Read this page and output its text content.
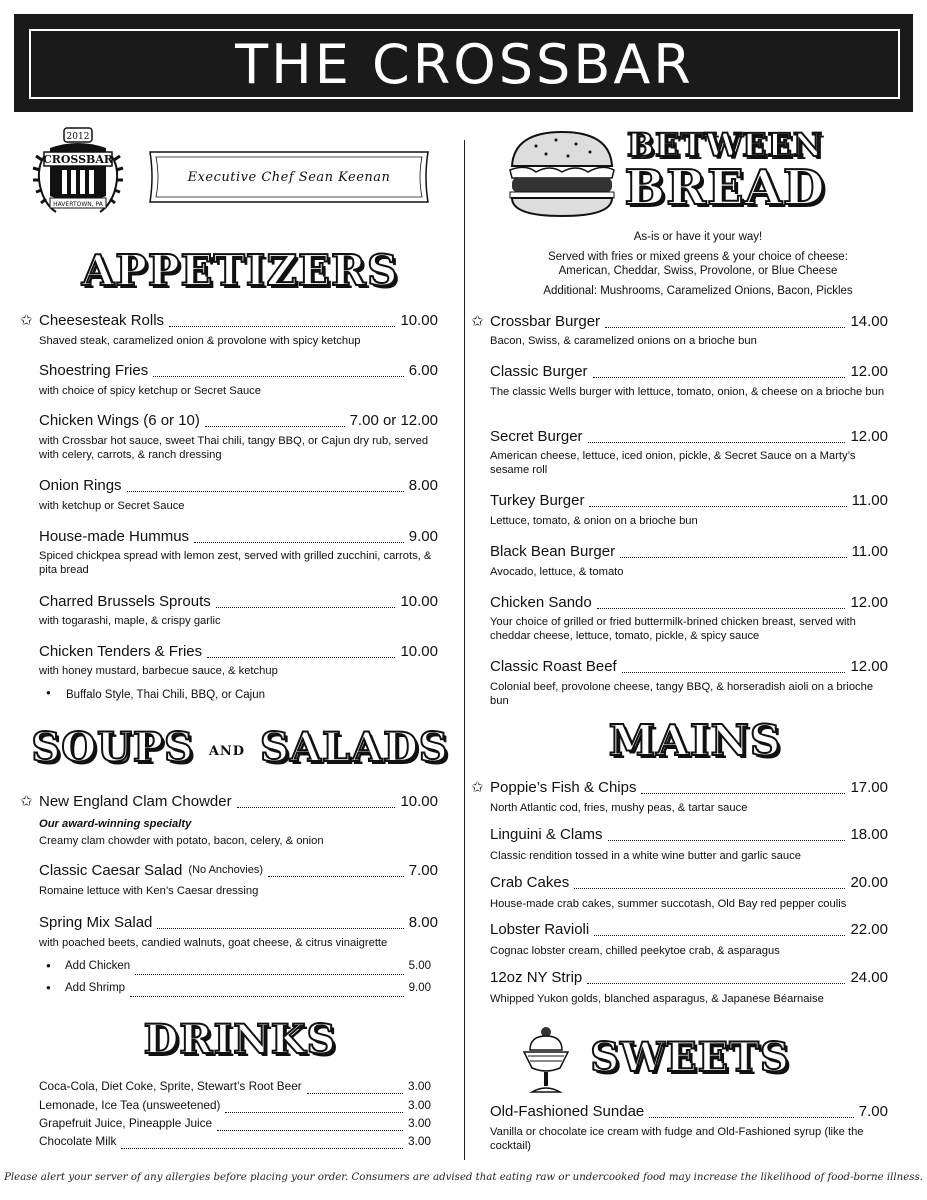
THE CROSSBAR
2012
CROSSBAR
HAVERTOWN, PA
Executive Chef Sean Keenan
APPETIZERS
Cheesesteak Rolls	10.00
Shaved steak, caramelized onion & provolone with spicy ketchup
Shoestring Fries	6.00
with choice of spicy ketchup or Secret Sauce
Chicken Wings (6 or 10)	7.00 or 12.00
with Crossbar hot sauce, sweet Thai chili, tangy BBQ, or Cajun dry rub, served with celery, carrots, & ranch dressing
Onion Rings	8.00
with ketchup or Secret Sauce
House-made Hummus	9.00
Spiced chickpea spread with lemon zest, served with grilled zucchini, carrots, & pita bread
Charred Brussels Sprouts	10.00
with togarashi, maple, & crispy garlic
Chicken Tenders & Fries	10.00
with honey mustard, barbecue sauce, & ketchup
✩
● Buffalo Style, Thai Chili, BBQ, or Cajun
New England Clam Chowder	10.00
Classic Caesar Salad (No Anchovies)	7.00
Spring Mix Salad	8.00
✩
Our award-winning specialty
Creamy clam chowder with potato, bacon, celery, & onion
Romaine lettuce with Ken’s Caesar dressing
with poached beets, candied walnuts, goat cheese, & citrus vinaigrette
● Add Chicken	5.00
● Add Shrimp	9.00
Coca-Cola, Diet Coke, Sprite, Stewart’s Root Beer	3.00
Lemonade, Ice Tea (unsweetened)	3.00
Grapefruit Juice, Pineapple Juice	3.00
Chocolate Milk	3.00
SOUPS AND SALADS
DRINKS
BETWEEN
BREAD
As-is or have it your way!
Served with fries or mixed greens & your choice of cheese:
American, Cheddar, Swiss, Provolone, or Blue Cheese
Additional: Mushrooms, Caramelized Onions, Bacon, Pickles
Crossbar Burger	14.00
Bacon, Swiss, & caramelized onions on a brioche bun
Classic Burger	12.00
The classic Wells burger with lettuce, tomato, onion, & cheese on a brioche bun
Secret Burger	12.00
American cheese, lettuce, iced onion, pickle, & Secret Sauce on a Marty’s sesame roll
Turkey Burger	11.00
Lettuce, tomato, & onion on a brioche bun
Black Bean Burger	11.00
Avocado, lettuce, & tomato
Chicken Sando	12.00
Your choice of grilled or fried buttermilk-brined chicken breast, served with cheddar cheese, lettuce, tomato, pickle, & spicy sauce
Classic Roast Beef	12.00
Colonial beef, provolone cheese, tangy BBQ, & horseradish aioli on a brioche bun
✩
Poppie’s Fish & Chips	17.00
North Atlantic cod, fries, mushy peas, & tartar sauce
Linguini & Clams	18.00
Classic rendition tossed in a white wine butter and garlic sauce
Crab Cakes	20.00
House-made crab cakes, summer succotash, Old Bay red pepper coulis
Lobster Ravioli	22.00
Cognac lobster cream, chilled peekytoe crab, & asparagus
12oz NY Strip	24.00
Whipped Yukon golds, blanched asparagus, & Japanese Béarnaise
✩
MAINS
SWEETS
Old-Fashioned Sundae	7.00
Vanilla or chocolate ice cream with fudge and Old-Fashioned syrup (like the cocktail)
Please alert your server of any allergies before placing your order. Consumers are advised that eating raw or undercooked food may increase the likelihood of food-borne illness.
